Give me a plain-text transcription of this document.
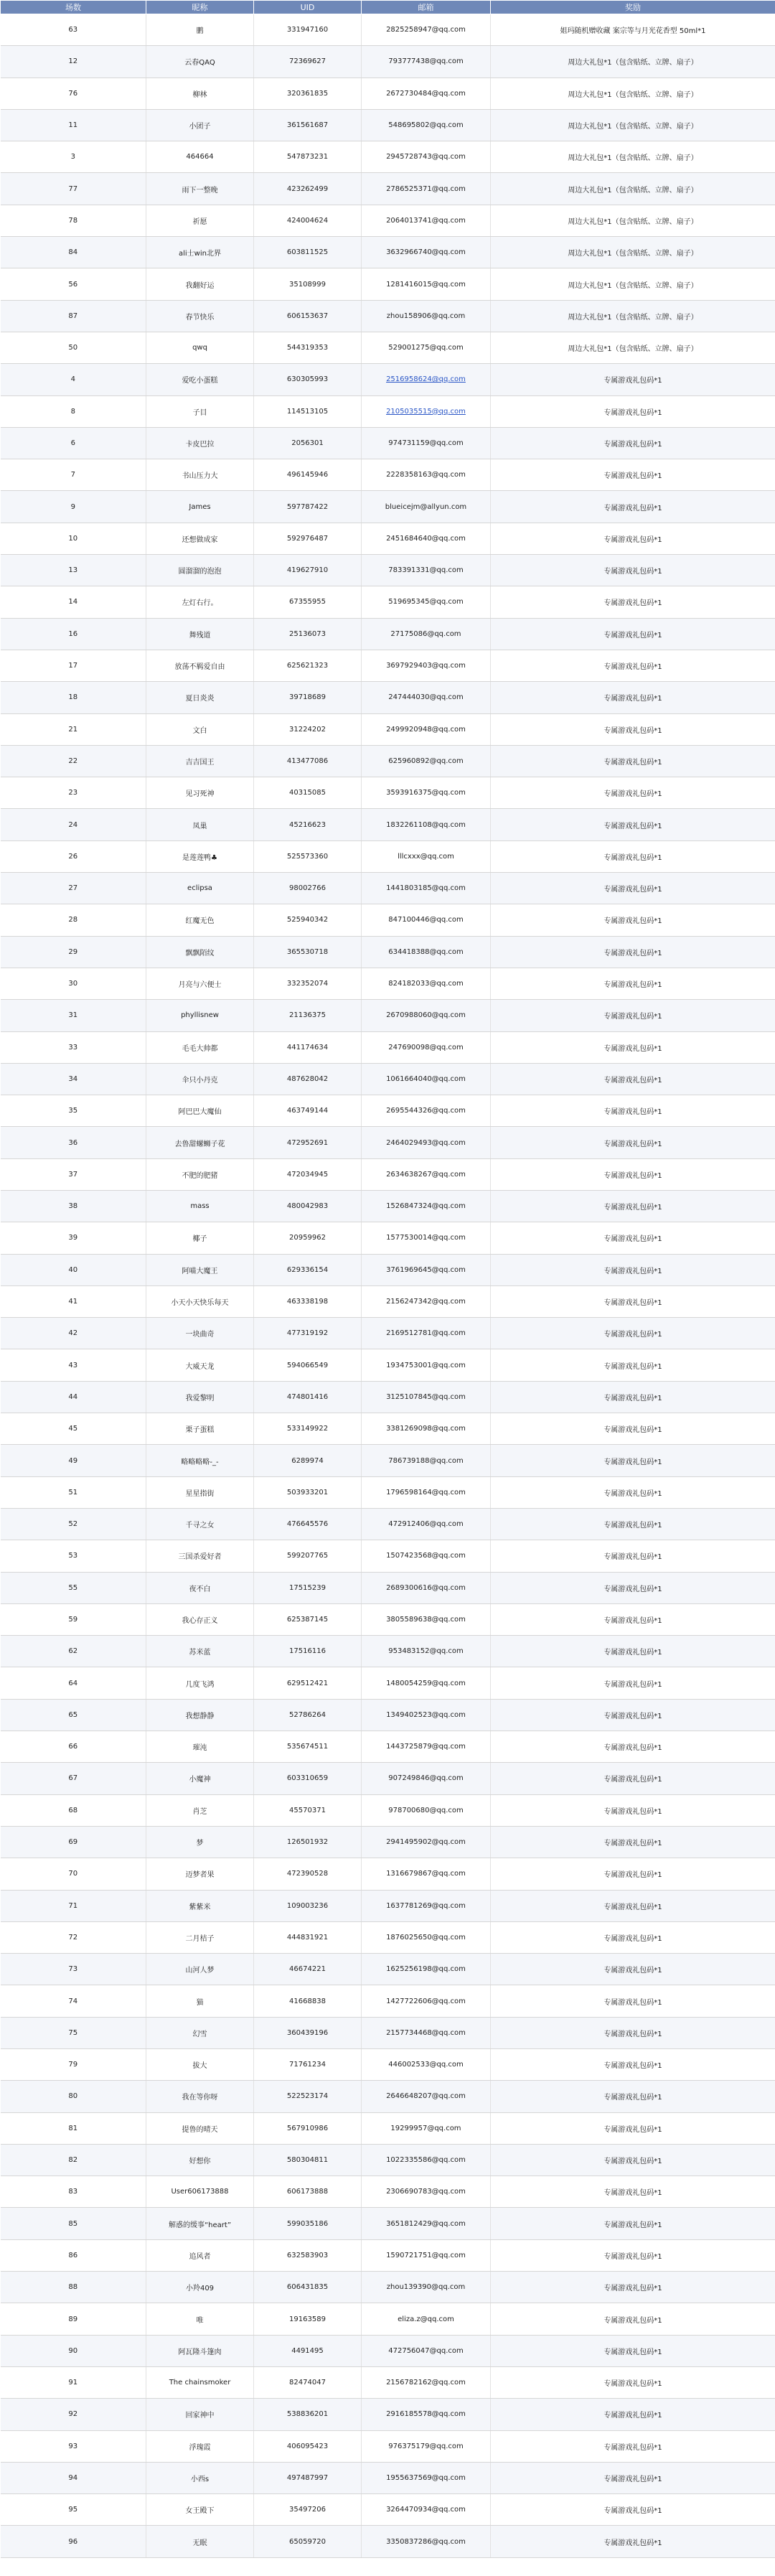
场数	昵称	UID	邮箱	奖励
63	鹏	331947160	2825258947@qq.com	姐玛随机赠收藏 案宗等与月光花香型 50ml*1
12	云春QAQ	72369627	793777438@qq.com	周边大礼包*1（包含贴纸、立牌、扇子）
76	柳林	320361835	2672730484@qq.com	周边大礼包*1（包含贴纸、立牌、扇子）
11	小团子	361561687	548695802@qq.com	周边大礼包*1（包含贴纸、立牌、扇子）
3	464664	547873231	2945728743@qq.com	周边大礼包*1（包含贴纸、立牌、扇子）
77	雨下一整晚	423262499	2786525371@qq.com	周边大礼包*1（包含贴纸、立牌、扇子）
78	祈愿	424004624	2064013741@qq.com	周边大礼包*1（包含贴纸、立牌、扇子）
84	ali士win北界	603811525	3632966740@qq.com	周边大礼包*1（包含贴纸、立牌、扇子）
56	我翻好运	35108999	1281416015@qq.com	周边大礼包*1（包含贴纸、立牌、扇子）
87	春节快乐	606153637	zhou158906@qq.com	周边大礼包*1（包含贴纸、立牌、扇子）
50	qwq	544319353	529001275@qq.com	周边大礼包*1（包含贴纸、立牌、扇子）
4	爱吃小蛋糕	630305993	2516958624@qq.com	专属游戏礼包码*1
8	子目	114513105	2105035515@qq.com	专属游戏礼包码*1
6	卡皮巴拉	2056301	974731159@qq.com	专属游戏礼包码*1
7	书山压力大	496145946	2228358163@qq.com	专属游戏礼包码*1
9	James	597787422	blueicejm@allyun.com	专属游戏礼包码*1
10	还想做成家	592976487	2451684640@qq.com	专属游戏礼包码*1
13	圆溜溜的泡泡	419627910	783391331@qq.com	专属游戏礼包码*1
14	左灯右行。	67355955	519695345@qq.com	专属游戏礼包码*1
16	舞残道	25136073	27175086@qq.com	专属游戏礼包码*1
17	放荡不羁爱自由	625621323	3697929403@qq.com	专属游戏礼包码*1
18	夏日炎炎	39718689	247444030@qq.com	专属游戏礼包码*1
21	文白	31224202	2499920948@qq.com	专属游戏礼包码*1
22	吉吉国王	413477086	625960892@qq.com	专属游戏礼包码*1
23	见习死神	40315085	3593916375@qq.com	专属游戏礼包码*1
24	凤巢	45216623	1832261108@qq.com	专属游戏礼包码*1
26	是莲莲鸭♣	525573360	lllcxxx@qq.com	专属游戏礼包码*1
27	eclipsa	98002766	1441803185@qq.com	专属游戏礼包码*1
28	红魔无色	525940342	847100446@qq.com	专属游戏礼包码*1
29	飘飘陌纹	365530718	634418388@qq.com	专属游戏礼包码*1
30	月亮与六便士	332352074	824182033@qq.com	专属游戏礼包码*1
31	phyllisnew	21136375	2670988060@qq.com	专属游戏礼包码*1
33	毛毛大帅都	441174634	247690098@qq.com	专属游戏礼包码*1
34	伞只小丹克	487628042	1061664040@qq.com	专属游戏礼包码*1
35	阿巴巴大魔仙	463749144	2695544326@qq.com	专属游戏礼包码*1
36	去鲁甜螺蛳子花	472952691	2464029493@qq.com	专属游戏礼包码*1
37	不肥的肥猪	472034945	2634638267@qq.com	专属游戏礼包码*1
38	mass	480042983	1526847324@qq.com	专属游戏礼包码*1
39	椰子	20959962	1577530014@qq.com	专属游戏礼包码*1
40	阿喵大魔王	629336154	3761969645@qq.com	专属游戏礼包码*1
41	小天小天快乐每天	463338198	2156247342@qq.com	专属游戏礼包码*1
42	一块曲奇	477319192	2169512781@qq.com	专属游戏礼包码*1
43	大威天龙	594066549	1934753001@qq.com	专属游戏礼包码*1
44	我爱黎明	474801416	3125107845@qq.com	专属游戏礼包码*1
45	栗子蛋糕	533149922	3381269098@qq.com	专属游戏礼包码*1
49	略略略略-_-	6289974	786739188@qq.com	专属游戏礼包码*1
51	星星指街	503933201	1796598164@qq.com	专属游戏礼包码*1
52	千寻之女	476645576	472912406@qq.com	专属游戏礼包码*1
53	三国杀爱好者	599207765	1507423568@qq.com	专属游戏礼包码*1
55	夜不白	17515239	2689300616@qq.com	专属游戏礼包码*1
59	我心存正义	625387145	3805589638@qq.com	专属游戏礼包码*1
62	苏米蓝	17516116	953483152@qq.com	专属游戏礼包码*1
64	几度飞鸿	629512421	1480054259@qq.com	专属游戏礼包码*1
65	我想静静	52786264	1349402523@qq.com	专属游戏礼包码*1
66	璀沌	535674511	1443725879@qq.com	专属游戏礼包码*1
67	小魔神	603310659	907249846@qq.com	专属游戏礼包码*1
68	肖芝	45570371	978700680@qq.com	专属游戏礼包码*1
69	梦	126501932	2941495902@qq.com	专属游戏礼包码*1
70	迈梦者果	472390528	1316679867@qq.com	专属游戏礼包码*1
71	紫紫米	109003236	1637781269@qq.com	专属游戏礼包码*1
72	二月桔子	444831921	1876025650@qq.com	专属游戏礼包码*1
73	山河人梦	46674221	1625256198@qq.com	专属游戏礼包码*1
74	猫	41668838	1427722606@qq.com	专属游戏礼包码*1
75	幻雪	360439196	2157734468@qq.com	专属游戏礼包码*1
79	拔大	71761234	446002533@qq.com	专属游戏礼包码*1
80	我在等你呀	522523174	2646648207@qq.com	专属游戏礼包码*1
81	提鲁的晴天	567910986	19299957@qq.com	专属游戏礼包码*1
82	好想你	580304811	1022335586@qq.com	专属游戏礼包码*1
83	User606173888	606173888	2306690783@qq.com	专属游戏礼包码*1
85	解惑的缓事“heart”	599035186	3651812429@qq.com	专属游戏礼包码*1
86	追风者	632583903	1590721751@qq.com	专属游戏礼包码*1
88	小羚409	606431835	zhou139390@qq.com	专属游戏礼包码*1
89	唯	19163589	eliza.z@qq.com	专属游戏礼包码*1
90	阿瓦隆斗篷肉	4491495	472756047@qq.com	专属游戏礼包码*1
91	The chainsmoker	82474047	2156782162@qq.com	专属游戏礼包码*1
92	回家神中	538836201	2916185578@qq.com	专属游戏礼包码*1
93	浮瑰霞	406095423	976375179@qq.com	专属游戏礼包码*1
94	小西s	497487997	1955637569@qq.com	专属游戏礼包码*1
95	女王殿下	35497206	3264470934@qq.com	专属游戏礼包码*1
96	无眠	65059720	3350837286@qq.com	专属游戏礼包码*1
